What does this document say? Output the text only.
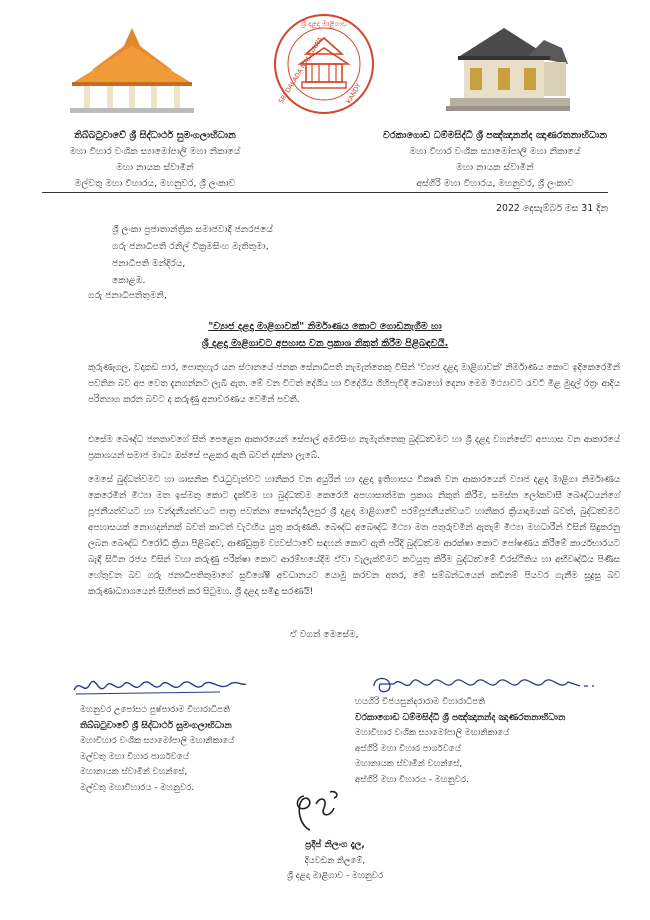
ශ්‍රී දළදා මාළිගාව
SRI DALADA MALIGAWA	KANDY
තිබ්බටුවාවේ ශ්‍රී සිද්ධාර්ථ සුමංගලාභිධාන
මහා විහාර වංශික ස්‍යාමෝපාලි මහා නිකායේ
මහා නායක ස්වාමීන්
මල්වතු මහා විහාරය, මහනුවර, ශ්‍රී ලංකාව
වරකාගොඩ ධම්මසිද්ධි ශ්‍රී පඤ්ඤානන්ද ඤාණරතනාභිධාන
මහා විහාර වංශික ස්‍යාමෝපාලි මහා නිකායේ
මහා නායක ස්වාමීන්
අස්ගිරි මහා විහාරය, මහනුවර, ශ්‍රී ලංකාව
2022 දෙසැම්බර් මස 31 දින
ශ්‍රී ලංකා ප්‍රජාතාන්ත්‍රික සමාජවාදී ජනරජයේ
ගරු ජනාධිපති රනිල් වික්‍රමසිංහ මැතිතුමා,
ජනාධිපති මන්දිරය,
කොළඹ.
ගරු ජනාධිපතිතුමනි,
"ව්‍යාජ දළදා මාළිගාවක්" නිර්මාණය කොට ගොඩනැගීම හා
ශ්‍රී දළදා මාළිගාවට අපහාස වන ප්‍රකාශ නිකුත් කිරීම පිළිබඳවයි.

කුරුණෑගල, වදාකඩ පාර, පොතුහැර යන ස්ථානයේ ජනක සේනාධිපති නැමැත්තෙකු විසින් 'ව්‍යාජ දළදා මාළිගාවක්' නිර්මාණය කොට ඉදිකෙරෙමින් පවතින බව අප වෙත දැනගන්නට ලැබී ඇත. මේ වන විටත් දේශීය හා විදේශීය ගිහිපැවිදි බොහෝ දෙනා මෙම මිථ්‍යාවට රැවටී මිළ මුදල් රත්‍රං ආදිය පරිත්‍යාග කරන බවට ද කරුණු අනාවරණය වෙමින් පවතී.

එසේම බෞද්ධ ජනතාවගේ සිත් පෙළෙන ආකාරයෙන් සේපාල් අමරසිංහ නැමැත්තෙකු බුද්ධත්‍වමට හා ශ්‍රී දළදා වහන්සේට අපහාස වන ආකාරයේ ප්‍රකාශයන් සමාජ මාධ්‍ය ඔස්සේ පළකර ඇති බවත් දක්නා ලැබේ.

මෙසේ බුද්ධත්වමට හා ශාසනික විරැධුවැත්වට හානිකර වන අයුරින් හා දළදා ඉතිහාසය විකෘති වන ආකාරයෙන් ව්‍යාජ දළදා මාළිගා නිර්මාණය කෙරෙමින් මිථ්‍යා මත ඉස්මතු කොට දැක්වීම හා බුද්ධත්‍වම කෙරෙහි අපහාසාත්මක ප්‍රකාශ නිකුත් කිරීම, සමස්ත ලෝකවාසී බෞද්ධයන්ගේ පූජනීයත්වයට හා වන්දනීයත්වයට පාත්‍ර පවත්නා සෞන්දර්‍යලපුර ශ්‍රී දළදා මාළිගාවේ පරම්පූජනීයත්වයට හානිකර ක්‍රියාදාමයක් බවත්, බුද්ධත්‍වමට අපහාසයක් නොහදන්නක් බවත් කාටත් වැටහිය යුතු කරුණකි. බෞද්ධ අබෞද්ධ මිථ්‍යා මත පතුරුවමින් ඇතැම් මිථ්‍යා මහධාරීන් විසින් සිදුකරනු ලබන බෞද්ධ විරෝධී ක්‍රියා පිළිබඳව, ආණ්ඩුක්‍රම ව්‍යවස්ථාවේ සඳහන් කොට ඇති පරිදි බුද්ධත්‍වම ආරක්ෂා කොට පෝෂණය කිරීමේ කාර්යභාරයට බැඳී සිටින රජය විසින් වහා කරුණු පරීක්ෂා කොට ආරම්භයේදීම ඒවා වැලැක්වීමට කටයුතු කිරීම බුද්ධත්‍වමේ චිරස්ථිතිය හා අභිවෘද්ධිය පිණිස හේතුවන බව ගරු ජනාධිපතිතුමාගේ සුවිශේෂී අවධානයට යොමු කරවන අතර, මේ සම්බන්ධයෙන් කඩිනම් පියවර ගැනීම සුදුසු බව කරුණාධ්‍යාශයෙන් සිහිපත් කර සිටුමහ. ශ්‍රී දළදා සමිඳු සරණයි!

ඒ වගත් මෙසේම,
මහනුවර උපෝසථ පුෂ්පාරාම විහාරාධිපති
තිබ්බටුවාවේ ශ්‍රී සිද්ධාර්ථ සුමංගලාභිධාන
මහාවිහාර වංශික ස්‍යාමෝපාලි මහානිකායේ
මල්වතු මහා විහාර පාර්ශවයේ
මහානායක ස්වාමීන් වහන්සේ,
මල්වතු මහාවිහාරය - මහනුවර.
හයගිරි විජයසුන්දරාරාම විහාරාධිපති
වරකාගොඩ ධම්මසිද්ධි ශ්‍රී පඤ්ඤානන්ද ඤාණරතනාභිධාන
මහාවිහාර වංශික ස්‍යාමෝපාලි මහානිකායේ
අස්ගිරි මහා විහාර පාර්ශවයේ
මහානායක ස්වාමීන් වහන්සේ,
අස්ගිරි මහා විහාරය - මහනුවර.
ප්‍රදීප් නිලංග දෑල,
දියවඩන නිලමේ,
ශ්‍රී දළදා මාළිගාව - මහනුවර
